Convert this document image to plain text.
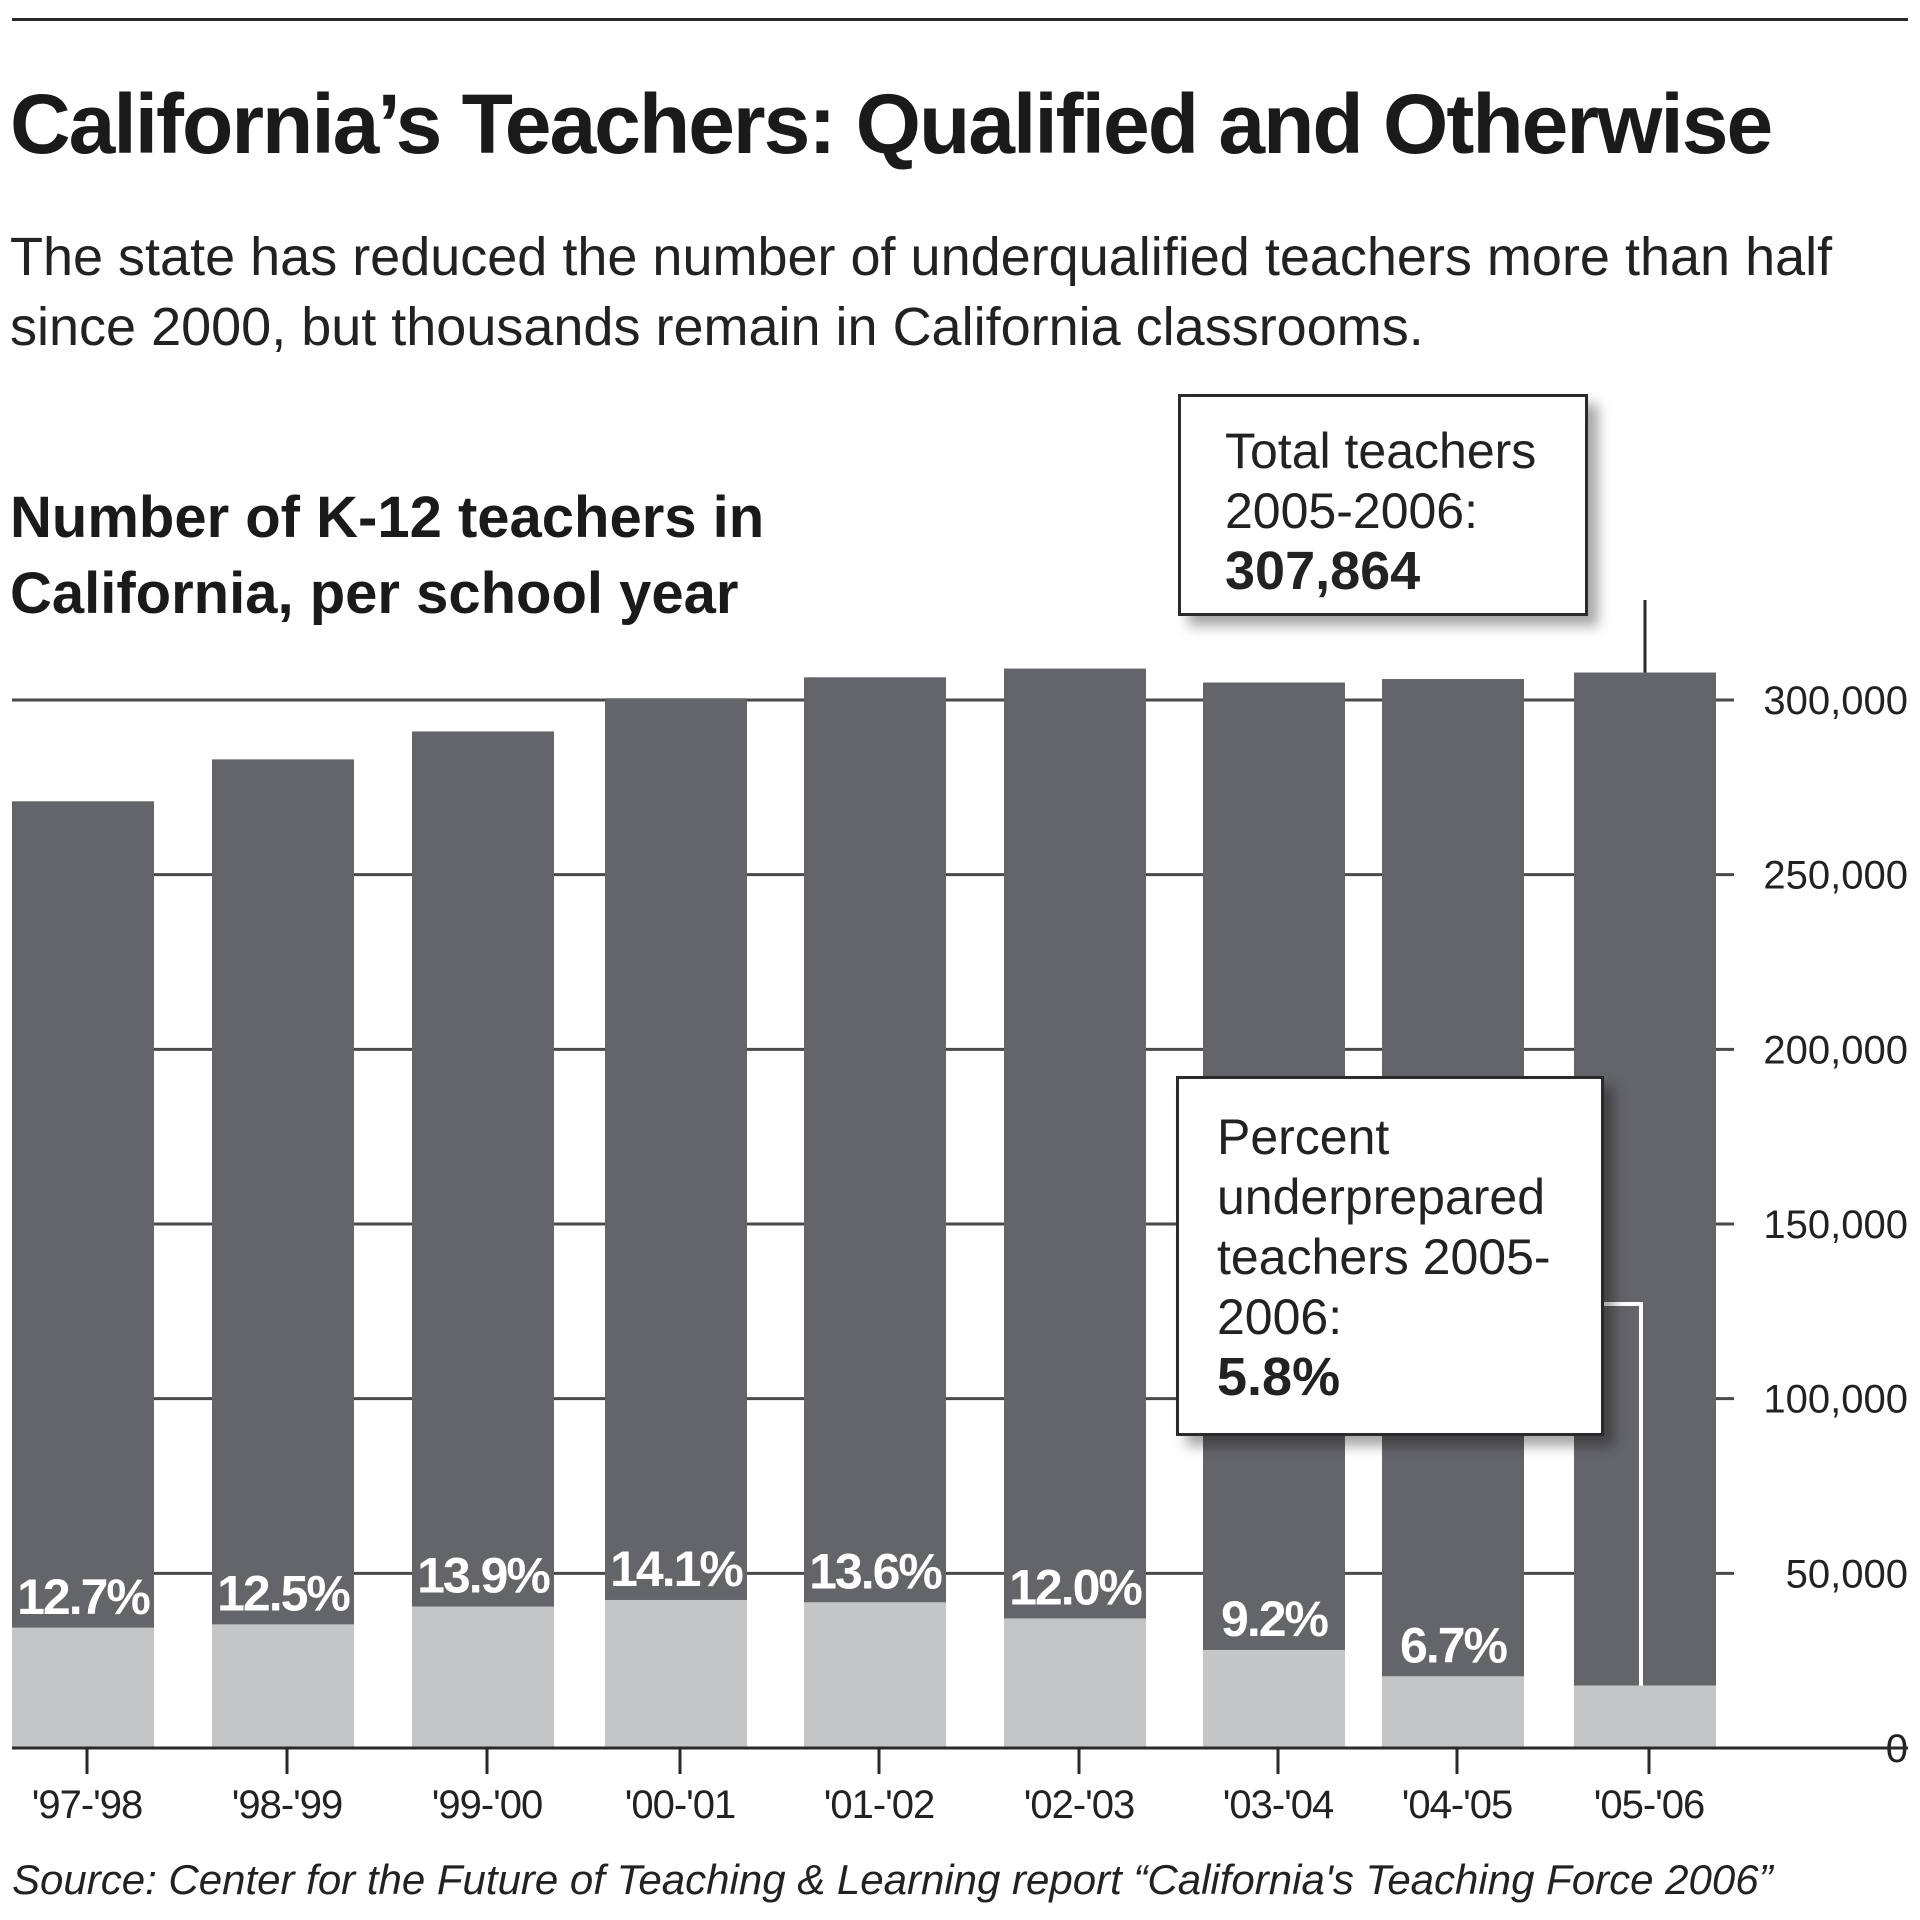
California’s Teachers: Qualified and Otherwise

The state has reduced the number of underqualified teachers more than half since 2000, but thousands remain in California classrooms.

Number of K-12 teachers in California, per school year
12.7% 12.5% 13.9% 14.1% 13.6% 12.0%
9.2% 6.7%
0
50,000
100,000
150,000
200,000
250,000
300,000
'97-'98 '98-'99 '99-'00 '00-'01 '01-'02 '02-'03 '03-'04 '04-'05 '05-'06
Total teachers 2005-2006:
307,864
Percent underprepared teachers 2005-2006:
5.8%
Source: Center for the Future of Teaching & Learning report “California's Teaching Force 2006”
